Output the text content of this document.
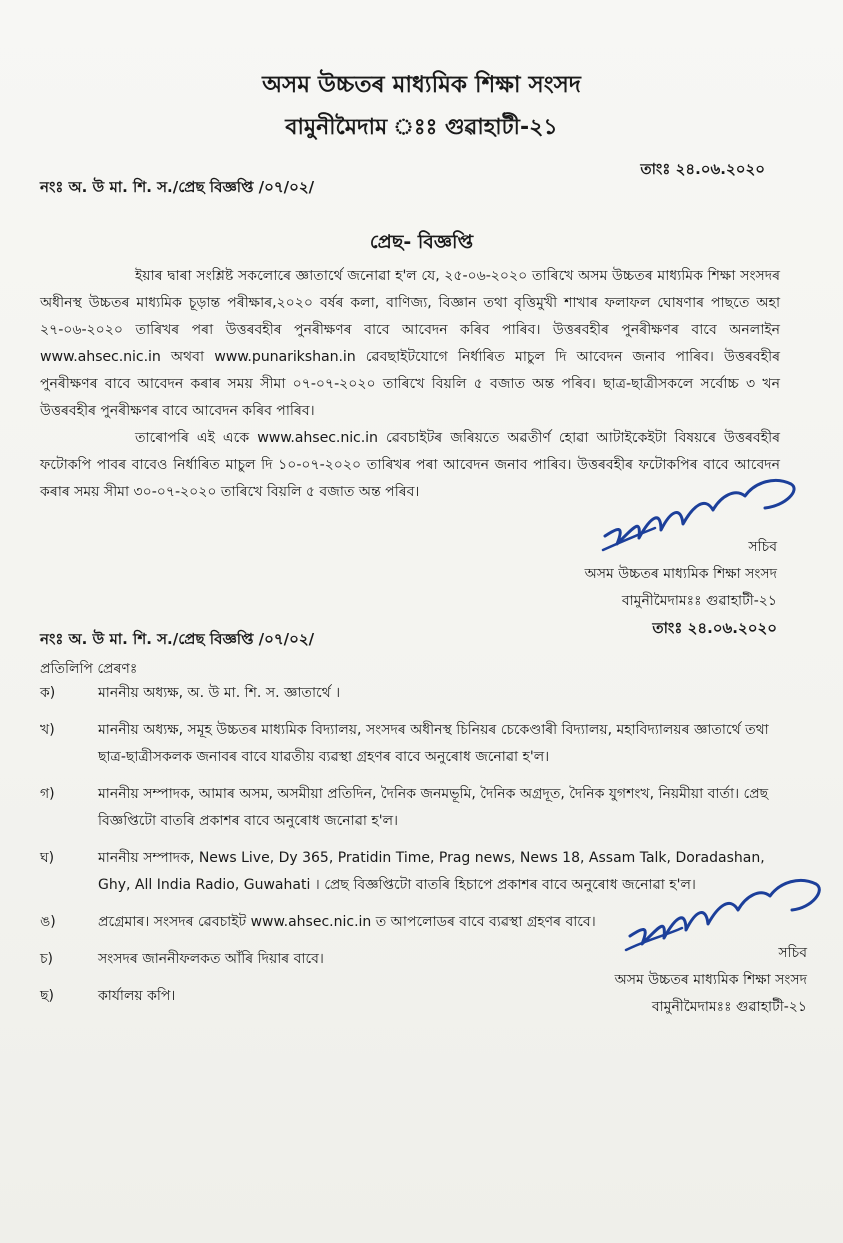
অসম উচ্চতৰ মাধ্যমিক শিক্ষা সংসদ
বামুনীমৈদাম ঃঃ গুৱাহাটী-২১
নংঃ অ. উ মা. শি. স./প্ৰেছ বিজ্ঞপ্তি /০৭/০২/
তাংঃ ২৪.০৬.২০২০
প্ৰেছ- বিজ্ঞপ্তি
ইয়াৰ দ্বাৰা সংশ্লিষ্ট সকলোৰে জ্ঞাতাৰ্থে জনোৱা হ'ল যে, ২৫-০৬-২০২০ তাৰিখে অসম উচ্চতৰ মাধ্যমিক শিক্ষা সংসদৰ অধীনস্থ উচ্চতৰ মাধ্যমিক চূড়ান্ত পৰীক্ষাৰ,২০২০ বৰ্ষৰ কলা, বাণিজ্য, বিজ্ঞান তথা বৃত্তিমুখী শাখাৰ ফলাফল ঘোষণাৰ পাছতে অহা ২৭-০৬-২০২০ তাৰিখৰ পৰা উত্তৰবহীৰ পুনৰীক্ষণৰ বাবে আবেদন কৰিব পাৰিব। উত্তৰবহীৰ পুনৰীক্ষণৰ বাবে অনলাইন www.ahsec.nic.in অথবা www.punarikshan.in ৱেবছাইটযোগে নিৰ্ধাৰিত মাচুল দি আবেদন জনাব পাৰিব। উত্তৰবহীৰ পুনৰীক্ষণৰ বাবে আবেদন কৰাৰ সময় সীমা ০৭-০৭-২০২০ তাৰিখে বিয়লি ৫ বজাত অন্ত পৰিব। ছাত্ৰ-ছাত্ৰীসকলে সৰ্বোচ্চ ৩ খন উত্তৰবহীৰ পুনৰীক্ষণৰ বাবে আবেদন কৰিব পাৰিব।
তাৰোপৰি এই একে www.ahsec.nic.in ৱেবচাইটৰ জৰিয়তে অৱতীৰ্ণ হোৱা আটাইকেইটা বিষয়ৰে উত্তৰবহীৰ ফটোকপি পাবৰ বাবেও নিৰ্ধাৰিত মাচুল দি ১০-০৭-২০২০ তাৰিখৰ পৰা আবেদন জনাব পাৰিব। উত্তৰবহীৰ ফটোকপিৰ বাবে আবেদন কৰাৰ সময় সীমা ৩০-০৭-২০২০ তাৰিখে বিয়লি ৫ বজাত অন্ত পৰিব।
সচিব
অসম উচ্চতৰ মাধ্যমিক শিক্ষা সংসদ
বামুনীমৈদামঃঃ গুৱাহাটী-২১
তাংঃ ২৪.০৬.২০২০
নংঃ অ. উ মা. শি. স./প্ৰেছ বিজ্ঞপ্তি /০৭/০২/
প্ৰতিলিপি প্ৰেৰণঃ
ক)	মাননীয় অধ্যক্ষ, অ. উ মা. শি. স. জ্ঞাতাৰ্থে ।
খ)	মাননীয় অধ্যক্ষ, সমূহ উচ্চতৰ মাধ্যমিক বিদ্যালয়, সংসদৰ অধীনস্থ চিনিয়ৰ চেকেণ্ডাৰী বিদ্যালয়, মহাবিদ্যালয়ৰ জ্ঞাতাৰ্থে তথা ছাত্ৰ-ছাত্ৰীসকলক জনাবৰ বাবে যাৱতীয় ব্যৱস্থা গ্ৰহণৰ বাবে অনুৰোধ জনোৱা হ'ল।
গ)	মাননীয় সম্পাদক, আমাৰ অসম, অসমীয়া প্ৰতিদিন, দৈনিক জনমভূমি, দৈনিক অগ্ৰদূত, দৈনিক যুগশংখ, নিয়মীয়া বাৰ্তা। প্ৰেছ বিজ্ঞপ্তিটো বাতৰি প্ৰকাশৰ বাবে অনুৰোধ জনোৱা হ'ল।
ঘ)	মাননীয় সম্পাদক, News Live, Dy 365, Pratidin Time, Prag news, News 18, Assam Talk, Doradashan, Ghy, All India Radio, Guwahati । প্ৰেছ বিজ্ঞপ্তিটো বাতৰি হিচাপে প্ৰকাশৰ বাবে অনুৰোধ জনোৱা হ'ল।
ঙ)	প্ৰগ্ৰেমাৰ। সংসদৰ ৱেবচাইট www.ahsec.nic.in ত আপলোডৰ বাবে ব্যৱস্থা গ্ৰহণৰ বাবে।
চ)	সংসদৰ জাননীফলকত আঁৰি দিয়াৰ বাবে।
ছ)	কাৰ্যালয় কপি।
সচিব
অসম উচ্চতৰ মাধ্যমিক শিক্ষা সংসদ
বামুনীমৈদামঃঃ গুৱাহাটী-২১
